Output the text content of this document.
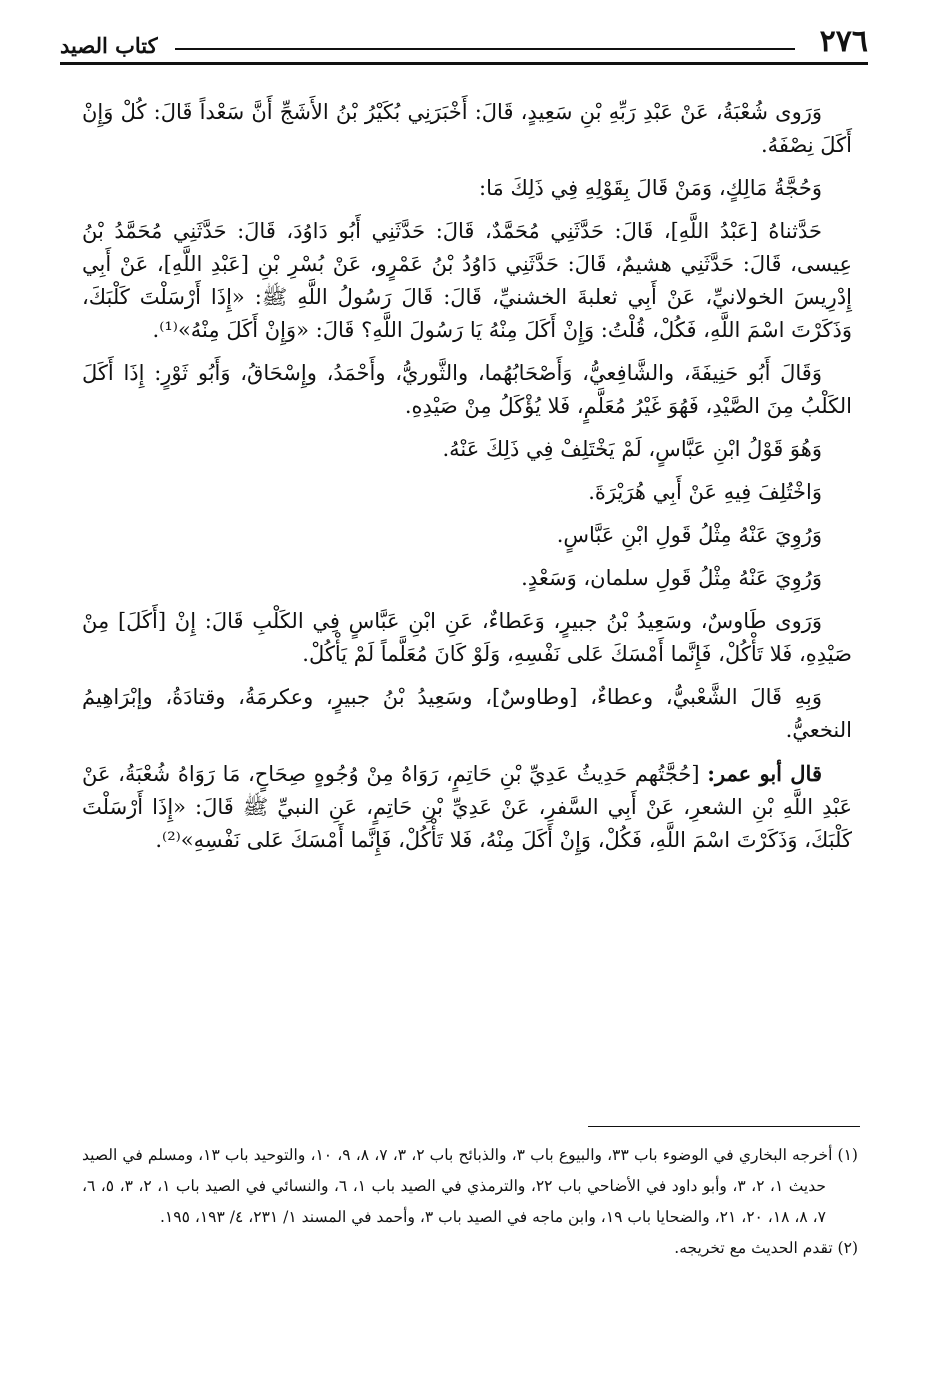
٢٧٦
كتاب الصيد

وَرَوى شُعْبَةُ، عَنْ عَبْدِ رَبِّهِ بْنِ سَعِيدٍ، قَالَ: أَخْبَرَنِي بُكَيْرُ بْنُ الأَشَجِّ أَنَّ سَعْداً قَالَ: كُلْ وَإِنْ أَكَلَ نِصْفَهُ.

وَحُجَّةُ مَالِكٍ، وَمَنْ قَالَ بِقَوْلِهِ فِي ذَلِكَ مَا:

حَدَّثناهُ [عَبْدُ اللَّهِ]، قَالَ: حَدَّثَنِي مُحَمَّدٌ، قَالَ: حَدَّثَنِي أَبُو دَاوُدَ، قَالَ: حَدَّثَنِي مُحَمَّدُ بْنُ عِيسى، قَالَ: حَدَّثَنِي هشيمٌ، قَالَ: حَدَّثَنِي دَاوُدُ بْنُ عَمْرٍو، عَنْ بُسْرِ بْنِ [عَبْدِ اللَّهِ]، عَنْ أَبِي إِدْرِيسَ الخولانيِّ، عَنْ أَبِي ثعلبةَ الخشنيِّ، قَالَ: قَالَ رَسُولُ اللَّهِ ﷺ: «إِذَا أَرْسَلْتَ كَلْبَكَ، وَذَكَرْتَ اسْمَ اللَّهِ، فَكُلْ، قُلْتُ: وَإِنْ أَكَلَ مِنْهُ يَا رَسُولَ اللَّهِ؟ قَالَ: «وَإِنْ أَكَلَ مِنْهُ»⁽¹⁾.

وَقَالَ أَبُو حَنِيفَةَ، والشَّافِعيُّ، وَأَصْحَابُهُما، والثَّوريُّ، وأَحْمَدُ، وإِسْحَاقُ، وَأَبُو ثَوْرٍ: إِذَا أَكَلَ الكَلْبُ مِنَ الصَّيْدِ، فَهُوَ غَيْرُ مُعَلَّمٍ، فَلا يُؤْكَلُ مِنْ صَيْدِهِ.

وَهُوَ قَوْلُ ابْنِ عَبَّاسٍ، لَمْ يَخْتَلِفْ فِي ذَلِكَ عَنْهُ.

وَاخْتُلِفَ فِيهِ عَنْ أَبِي هُرَيْرَةَ.

وَرُوِيَ عَنْهُ مِثْلُ قَولِ ابْنِ عَبَّاسٍ.

وَرُوِيَ عَنْهُ مِثْلُ قَولِ سلمان، وَسَعْدٍ.

وَرَوى طَاوسٌ، وسَعِيدُ بْنُ جبيرٍ، وَعَطاءٌ، عَنِ ابْنِ عَبَّاسٍ فِي الكَلْبِ قَالَ: إِنْ [أَكَلَ] مِنْ صَيْدِهِ، فَلا تَأْكُلْ، فَإِنَّما أَمْسَكَ عَلى نَفْسِهِ، وَلَوْ كَانَ مُعَلَّماً لَمْ يَأْكُلْ.

وَبِهِ قَالَ الشَّعْبيُّ، وعطاءٌ، [وطاوسٌ]، وسَعِيدُ بْنُ جبيرٍ، وعكرمَةُ، وقتادَةُ، وإبْرَاهِيمُ النخعيُّ.

قال أبو عمر: [حُجَّتُهم حَدِيثُ عَدِيِّ بْنِ حَاتِمٍ، رَوَاهُ مِنْ وُجُوهٍ صِحَاحٍ، مَا رَوَاهُ شُعْبَةُ، عَنْ عَبْدِ اللَّهِ بْنِ الشعرِ، عَنْ أَبِي السَّفرِ، عَنْ عَدِيِّ بْنِ حَاتِمٍ، عَنِ النبيِّ ﷺ قَالَ: «إِذَا أَرْسَلْتَ كَلْبَكَ، وَذَكَرْتَ اسْمَ اللَّهِ، فَكُلْ، وَإِنْ أَكَلَ مِنْهُ، فَلا تَأْكُلْ، فَإِنَّما أَمْسَكَ عَلى نَفْسِهِ»⁽²⁾.

(١) أخرجه البخاري في الوضوء باب ٣٣، والبيوع باب ٣، والذبائح باب ٢، ٣، ٧، ٨، ٩، ١٠، والتوحيد باب ١٣، ومسلم في الصيد حديث ١، ٢، ٣، وأبو داود في الأضاحي باب ٢٢، والترمذي في الصيد باب ١، ٦، والنسائي في الصيد باب ١، ٢، ٣، ٥، ٦، ٧، ٨، ١٨، ٢٠، ٢١، والضحايا باب ١٩، وابن ماجه في الصيد باب ٣، وأحمد في المسند ١/ ٢٣١، ٤/ ١٩٣، ١٩٥.

(٢) تقدم الحديث مع تخريجه.
